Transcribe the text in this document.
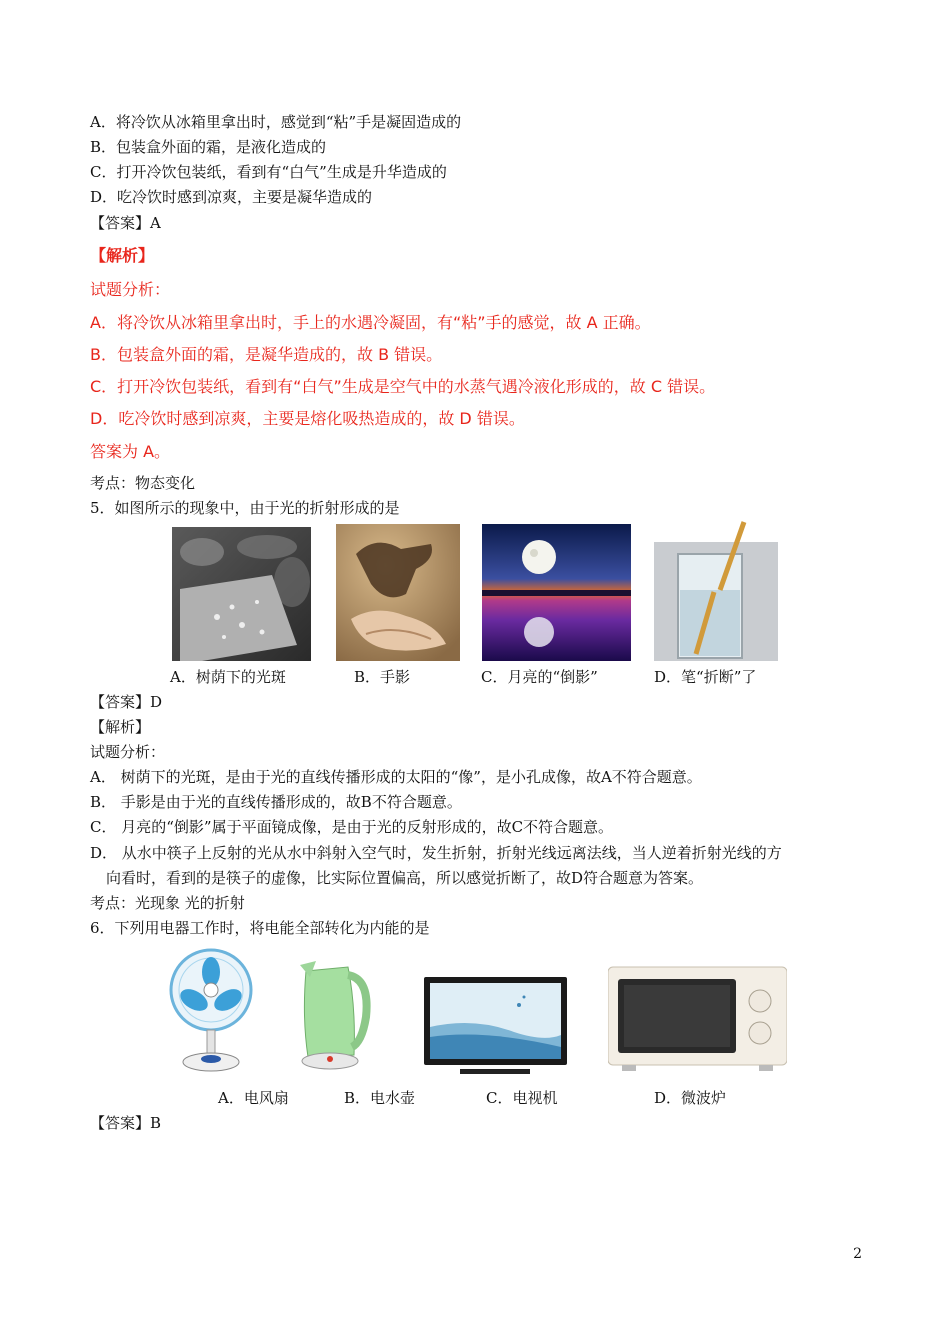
A．将冷饮从冰箱里拿出时，感觉到“粘”手是凝固造成的
B．包装盒外面的霜，是液化造成的
C．打开冷饮包装纸，看到有“白气”生成是升华造成的
D．吃冷饮时感到凉爽，主要是凝华造成的
【答案】A
【解析】
试题分析：
A．将冷饮从冰箱里拿出时，手上的水遇冷凝固，有“粘”手的感觉，故 A 正确。
B．包装盒外面的霜，是凝华造成的，故 B 错误。
C．打开冷饮包装纸，看到有“白气”生成是空气中的水蒸气遇冷液化形成的，故 C 错误。
D．吃冷饮时感到凉爽，主要是熔化吸热造成的，故 D 错误。
答案为 A。
考点：物态变化
5．如图所示的现象中，由于光的折射形成的是
A．树荫下的光斑	B．手影	C．月亮的“倒影”	D．笔“折断”了
【答案】D
【解析】
试题分析：
A． 树荫下的光斑，是由于光的直线传播形成的太阳的“像”，是小孔成像，故A不符合题意。
B． 手影是由于光的直线传播形成的，故B不符合题意。
C． 月亮的“倒影”属于平面镜成像，是由于光的反射形成的，故C不符合题意。
D． 从水中筷子上反射的光从水中斜射入空气时，发生折射，折射光线远离法线，当人逆着折射光线的方
向看时，看到的是筷子的虚像，比实际位置偏高，所以感觉折断了，故D符合题意为答案。
考点：光现象 光的折射
6．下列用电器工作时，将电能全部转化为内能的是
A．电风扇	B．电水壶	C．电视机	D．微波炉
【答案】B
2
